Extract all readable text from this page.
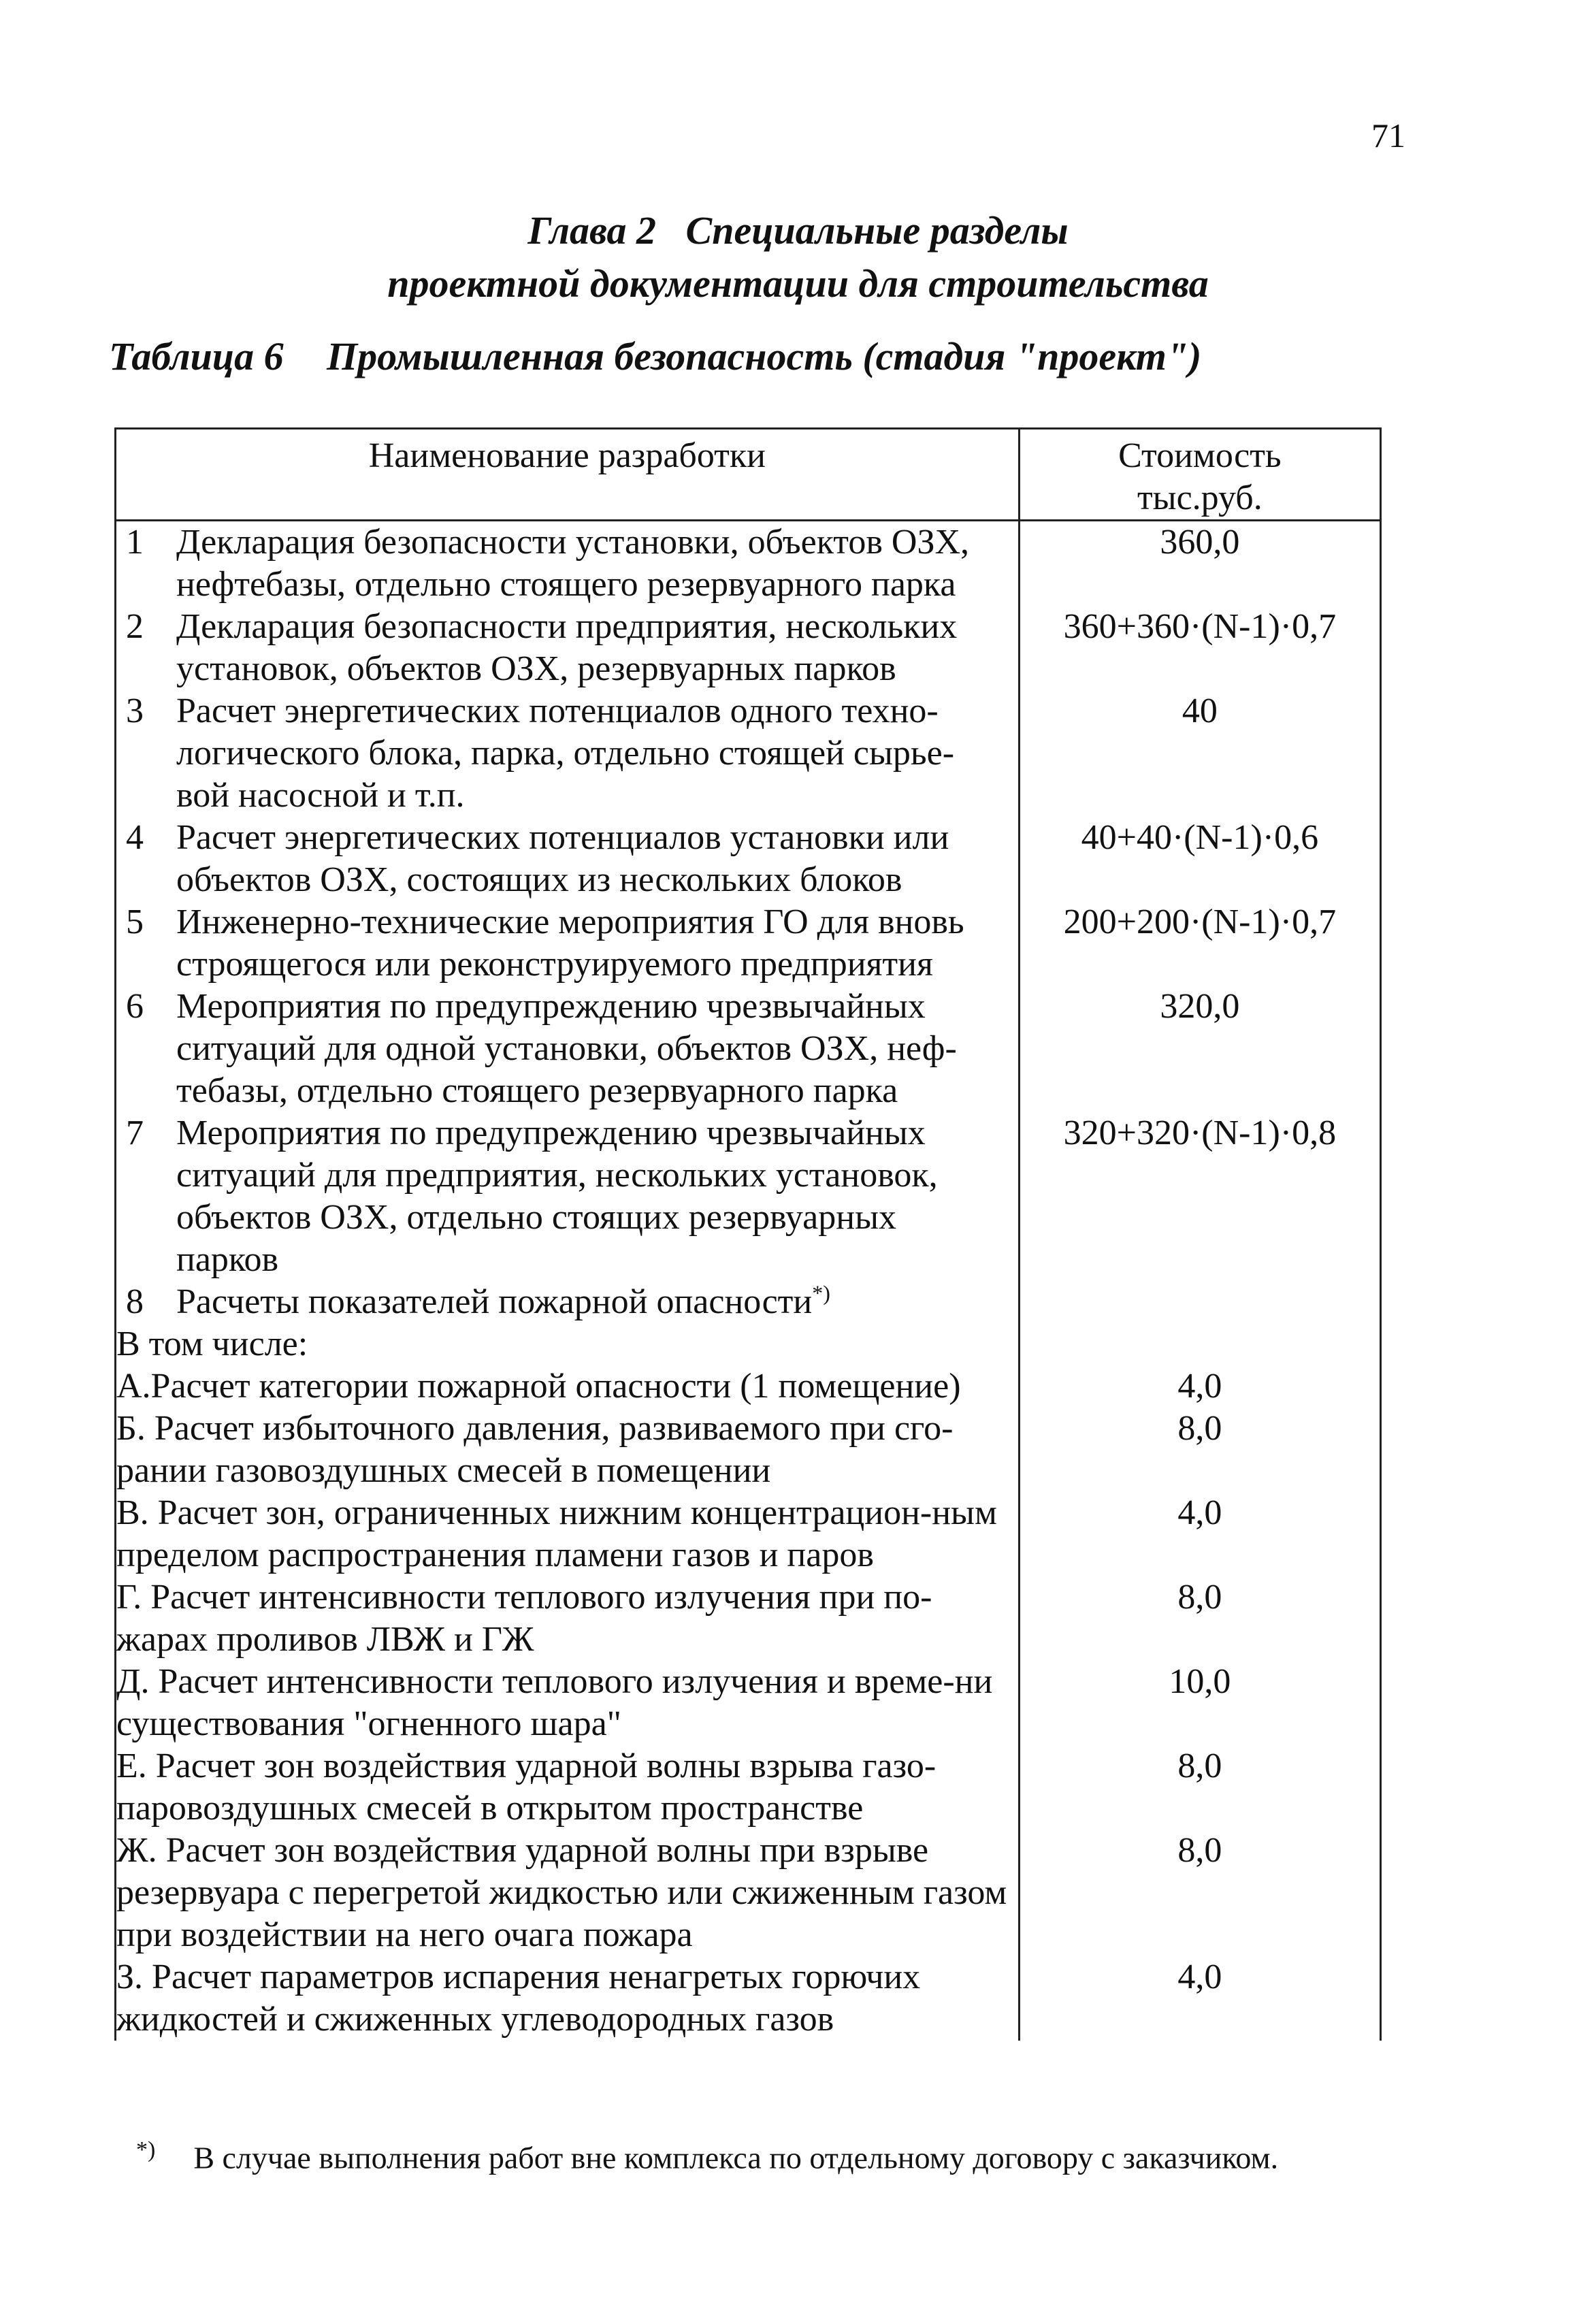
71
Глава 2   Специальные разделы
проектной документации для строительства
Таблица 6 Промышленная безопасность (стадия "проект")
Наименование разработки	Стоимость
тыс.руб.

1 Декларация безопасности установки, объектов ОЗХ, нефтебазы, отдельно стоящего резервуарного парка	360,0

2 Декларация безопасности предприятия, нескольких установок, объектов ОЗХ, резервуарных парков	360+360·(N-1)·0,7

3 Расчет энергетических потенциалов одного техно-логического блока, парка, отдельно стоящей сырье-вой насосной и т.п.	40

4 Расчет энергетических потенциалов установки или объектов ОЗХ, состоящих из нескольких блоков	40+40·(N-1)·0,6

5 Инженерно-технические мероприятия ГО для вновь строящегося или реконструируемого предприятия	200+200·(N-1)·0,7

6 Мероприятия по предупреждению чрезвычайных ситуаций для одной установки, объектов ОЗХ, неф-тебазы, отдельно стоящего резервуарного парка	320,0

7 Мероприятия по предупреждению чрезвычайных ситуаций для предприятия, нескольких установок, объектов ОЗХ, отдельно стоящих резервуарных парков	320+320·(N-1)·0,8

8 Расчеты показателей пожарной опасности*)

В том числе:	
А.Расчет категории пожарной опасности (1 помещение)	4,0
Б. Расчет избыточного давления, развиваемого при сго-рании газовоздушных смесей в помещении	8,0
В. Расчет зон, ограниченных нижним концентрацион-ным пределом распространения пламени газов и паров	4,0
Г. Расчет интенсивности теплового излучения при по-жарах проливов ЛВЖ и ГЖ	8,0
Д. Расчет интенсивности теплового излучения и време-ни существования "огненного шара"	10,0
Е. Расчет зон воздействия ударной волны взрыва газо-паровоздушных смесей в открытом пространстве	8,0
Ж. Расчет зон воздействия ударной волны при взрыве резервуара с перегретой жидкостью или сжиженным газом при воздействии на него очага пожара	8,0
З. Расчет параметров испарения ненагретых горючих жидкостей и сжиженных углеводородных газов	4,0
*) В случае выполнения работ вне комплекса по отдельному договору с заказчиком.
